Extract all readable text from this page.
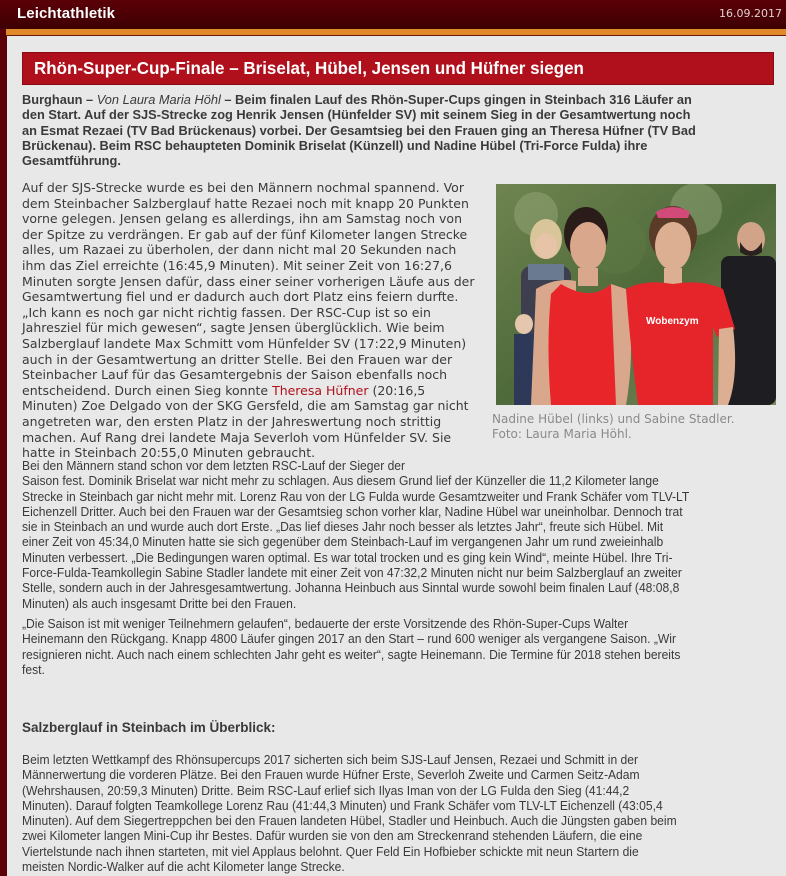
Leichtathletik	16.09.2017
Rhön-Super-Cup-Finale – Briselat, Hübel, Jensen und Hüfner siegen
Burghaun – Von Laura Maria Höhl – Beim finalen Lauf des Rhön-Super-Cups gingen in Steinbach 316 Läufer an
den Start. Auf der SJS-Strecke zog Henrik Jensen (Hünfelder SV) mit seinem Sieg in der Gesamtwertung noch
an Esmat Rezaei (TV Bad Brückenaus) vorbei. Der Gesamtsieg bei den Frauen ging an Theresa Hüfner (TV Bad
Brückenau). Beim RSC behaupteten Dominik Briselat (Künzell) und Nadine Hübel (Tri-Force Fulda) ihre
Gesamtführung.
Auf der SJS-Strecke wurde es bei den Männern nochmal spannend. Vor
dem Steinbacher Salzberglauf hatte Rezaei noch mit knapp 20 Punkten
vorne gelegen. Jensen gelang es allerdings, ihn am Samstag noch von
der Spitze zu verdrängen. Er gab auf der fünf Kilometer langen Strecke
alles, um Razaei zu überholen, der dann nicht mal 20 Sekunden nach
ihm das Ziel erreichte (16:45,9 Minuten). Mit seiner Zeit von 16:27,6
Minuten sorgte Jensen dafür, dass einer seiner vorherigen Läufe aus der
Gesamtwertung fiel und er dadurch auch dort Platz eins feiern durfte.
„Ich kann es noch gar nicht richtig fassen. Der RSC-Cup ist so ein
Jahresziel für mich gewesen“, sagte Jensen überglücklich. Wie beim
Salzberglauf landete Max Schmitt vom Hünfelder SV (17:22,9 Minuten)
auch in der Gesamtwertung an dritter Stelle. Bei den Frauen war der
Steinbacher Lauf für das Gesamtergebnis der Saison ebenfalls noch
entscheidend. Durch einen Sieg konnte Theresa Hüfner (20:16,5
Minuten) Zoe Delgado von der SKG Gersfeld, die am Samstag gar nicht
angetreten war, den ersten Platz in der Jahreswertung noch strittig
machen. Auf Rang drei landete Maja Severloh vom Hünfelder SV. Sie
hatte in Steinbach 20:55,0 Minuten gebraucht.
Wobenzym
Nadine Hübel (links) und Sabine Stadler.
Foto: Laura Maria Höhl.
Bei den Männern stand schon vor dem letzten RSC-Lauf der Sieger der
Saison fest. Dominik Briselat war nicht mehr zu schlagen. Aus diesem Grund lief der Künzeller die 11,2 Kilometer lange
Strecke in Steinbach gar nicht mehr mit. Lorenz Rau von der LG Fulda wurde Gesamtzweiter und Frank Schäfer vom TLV-LT
Eichenzell Dritter. Auch bei den Frauen war der Gesamtsieg schon vorher klar, Nadine Hübel war uneinholbar. Dennoch trat
sie in Steinbach an und wurde auch dort Erste. „Das lief dieses Jahr noch besser als letztes Jahr“, freute sich Hübel. Mit
einer Zeit von 45:34,0 Minuten hatte sie sich gegenüber dem Steinbach-Lauf im vergangenen Jahr um rund zweieinhalb
Minuten verbessert. „Die Bedingungen waren optimal. Es war total trocken und es ging kein Wind“, meinte Hübel. Ihre Tri-
Force-Fulda-Teamkollegin Sabine Stadler landete mit einer Zeit von 47:32,2 Minuten nicht nur beim Salzberglauf an zweiter
Stelle, sondern auch in der Jahresgesamtwertung. Johanna Heinbuch aus Sinntal wurde sowohl beim finalen Lauf (48:08,8
Minuten) als auch insgesamt Dritte bei den Frauen.
„Die Saison ist mit weniger Teilnehmern gelaufen“, bedauerte der erste Vorsitzende des Rhön-Super-Cups Walter
Heinemann den Rückgang. Knapp 4800 Läufer gingen 2017 an den Start – rund 600 weniger als vergangene Saison. „Wir
resignieren nicht. Auch nach einem schlechten Jahr geht es weiter“, sagte Heinemann. Die Termine für 2018 stehen bereits
fest.
Salzberglauf in Steinbach im Überblick:
Beim letzten Wettkampf des Rhönsupercups 2017 sicherten sich beim SJS-Lauf Jensen, Rezaei und Schmitt in der
Männerwertung die vorderen Plätze. Bei den Frauen wurde Hüfner Erste, Severloh Zweite und Carmen Seitz-Adam
(Wehrshausen, 20:59,3 Minuten) Dritte. Beim RSC-Lauf erlief sich Ilyas Iman von der LG Fulda den Sieg (41:44,2
Minuten). Darauf folgten Teamkollege Lorenz Rau (41:44,3 Minuten) und Frank Schäfer vom TLV-LT Eichenzell (43:05,4
Minuten). Auf dem Siegertreppchen bei den Frauen landeten Hübel, Stadler und Heinbuch. Auch die Jüngsten gaben beim
zwei Kilometer langen Mini-Cup ihr Bestes. Dafür wurden sie von den am Streckenrand stehenden Läufern, die eine
Viertelstunde nach ihnen starteten, mit viel Applaus belohnt. Quer Feld Ein Hofbieber schickte mit neun Startern die
meisten Nordic-Walker auf die acht Kilometer lange Strecke.
